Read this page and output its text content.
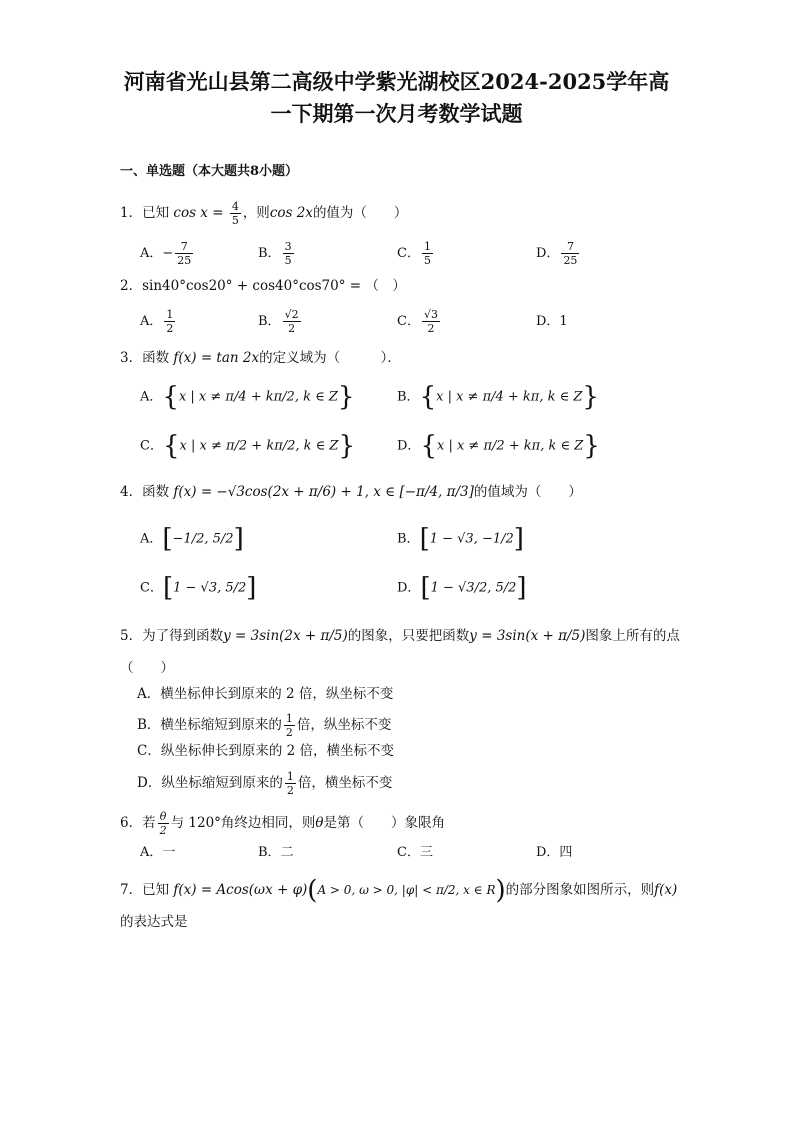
河南省光山县第二高级中学紫光湖校区2024-2025学年高
一下期第一次月考数学试题
一、单选题（本大题共8小题）
1．已知 $\cos x = \frac{4}{5}$ ，则cos 2x的值为（　　）
A．− $\frac{7}{25}$	B． $\frac{3}{5}$	C． $\frac{1}{5}$	D． $\frac{7}{25}$
2．sin40°cos20° + cos40°cos70° = （　）
A． $\frac{1}{2}$	B． $\frac{√2}{2}$	C． $\frac{√3}{2}$	D．1
3．函数 f(x) = tan 2x的定义域为（　　　）．
A．{x | x ≠ π/4 + kπ/2, k ∈ Z}	B．{x | x ≠ π/4 + kπ, k ∈ Z}
C．{x | x ≠ π/2 + kπ/2, k ∈ Z}	D．{x | x ≠ π/2 + kπ, k ∈ Z}
4．函数 f(x) = −√3cos(2x + π/6) + 1, x ∈ [−π/4, π/3]的值域为（　　）
A．[−1/2, 5/2]	B．[1 − √3, −1/2]
C．[1 − √3, 5/2]	D．[1 − √3/2, 5/2]
5．为了得到函数y = 3sin(2x + π/5)的图象，只要把函数y = 3sin(x + π/5)图象上所有的点
（　　）
A．横坐标伸长到原来的 2 倍，纵坐标不变
B．横坐标缩短到原来的 $\frac{1}{2}$ 倍，纵坐标不变
C．纵坐标伸长到原来的 2 倍，横坐标不变
D．纵坐标缩短到原来的 $\frac{1}{2}$ 倍，横坐标不变
6．若 $\frac{\theta}{2}$ 与 120°角终边相同，则θ是第（　　）象限角
A．一	B．二	C．三	D．四
7．已知 f(x) = Acos(ωx + φ)(A > 0, ω > 0, |φ| < π/2, x ∈ R)的部分图象如图所示，则f(x)
的表达式是
